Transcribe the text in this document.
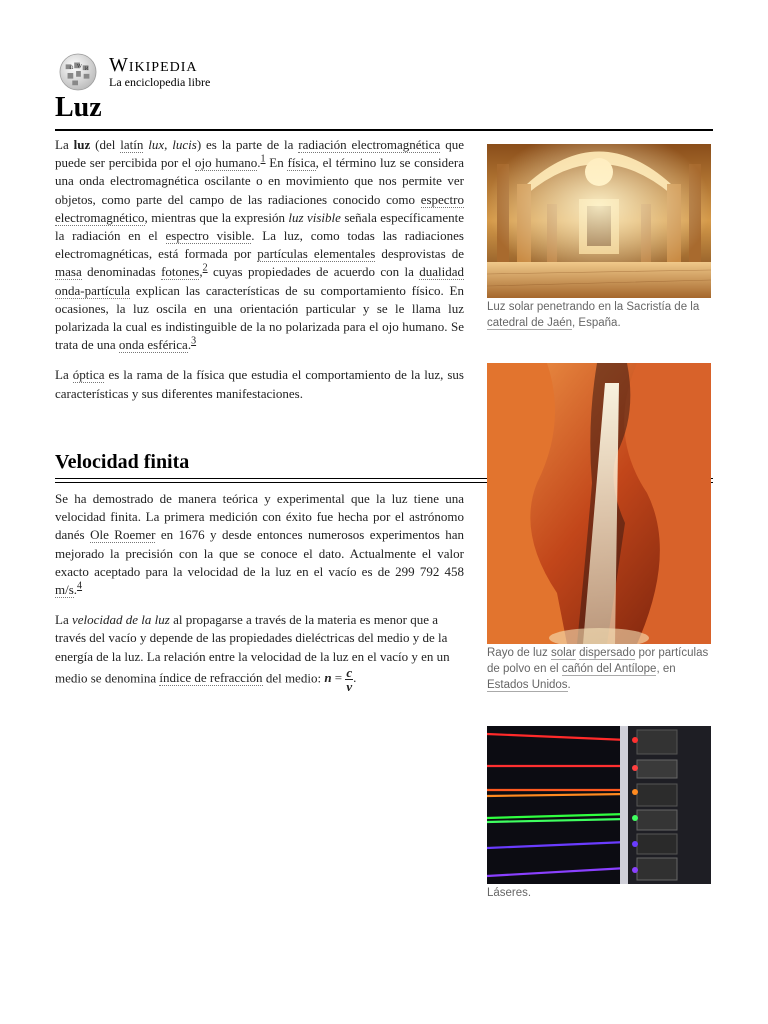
Ω W
И Wikipedia
La enciclopedia libre
Luz

La luz (del latín lux, lucis) es la parte de la radiación electromagnética que puede ser percibida por el ojo humano.$^1$ En física, el término luz se considera una onda electromagnética oscilante o en movimiento que nos permite ver objetos, como parte del campo de las radiaciones conocido como espectro electromagnético, mientras que la expresión luz visible señala específicamente la radiación en el espectro visible. La luz, como todas las radiaciones electromagnéticas, está formada por partículas elementales desprovistas de masa denominadas fotones,$^2$ cuyas propiedades de acuerdo con la dualidad onda-partícula explican las características de su comportamiento físico. En ocasiones, la luz oscila en una orientación particular y se le llama luz polarizada la cual es indistinguible de la no polarizada para el ojo humano. Se trata de una onda esférica.$^3$

La óptica es la rama de la física que estudia el comportamiento de la luz, sus características y sus diferentes manifestaciones.

Velocidad finita

Se ha demostrado de manera teórica y experimental que la luz tiene una velocidad finita. La primera medición con éxito fue hecha por el astrónomo danés Ole Roemer en 1676 y desde entonces numerosos experimentos han mejorado la precisión con la que se conoce el dato. Actualmente el valor exacto aceptado para la velocidad de la luz en el vacío es de 299 792 458 m/s.$^4$

La velocidad de la luz al propagarse a través de la materia es menor que a través del vacío y depende de las propiedades dieléctricas del medio y de la energía de la luz. La relación entre la velocidad de la luz en el vacío y en un medio se denomina índice de refracción del medio: $n = \frac{c}{v}$ .

Luz solar penetrando en la Sacristía de la catedral de Jaén, España.
Rayo de luz solar dispersado por partículas de polvo en el cañón del Antílope, en Estados Unidos.
Láseres.
